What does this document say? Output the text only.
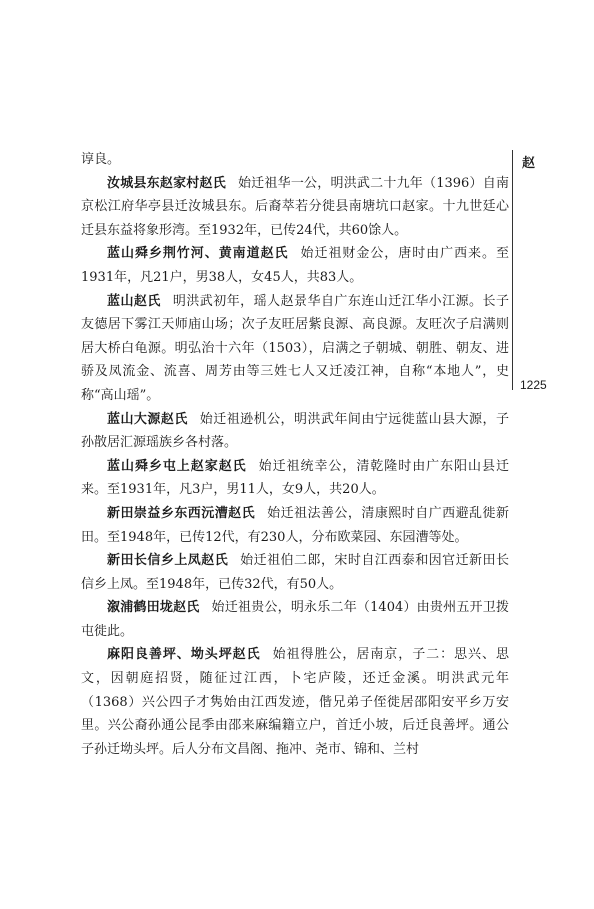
赵
1225

谆良。

汝城县东赵家村赵氏 始迁祖华一公，明洪武二十九年（1396）自南京松江府华亭县迁汝城县东。后裔萃若分徙县南塘坑口赵家。十九世廷心迁县东益将象形湾。至1932年，已传24代，共60馀人。

蓝山舜乡荆竹河、黄南道赵氏 始迁祖财金公，唐时由广西来。至1931年，凡21户，男38人，女45人，共83人。

蓝山赵氏 明洪武初年，瑶人赵景华自广东连山迁江华小江源。长子友德居下雾江天师庙山场；次子友旺居紫良源、高良源。友旺次子启满则居大桥白龟源。明弘治十六年（1503），启满之子朝城、朝胜、朝友、进骄及凤流金、流喜、周芳由等三姓七人又迁凌江神，自称“本地人”，史称“高山瑶”。

蓝山大源赵氏 始迁祖逊机公，明洪武年间由宁远徙蓝山县大源，子孙散居汇源瑶族乡各村落。

蓝山舜乡屯上赵家赵氏 始迁祖统幸公，清乾隆时由广东阳山县迁来。至1931年，凡3户，男11人，女9人，共20人。

新田崇益乡东西沅漕赵氏 始迁祖法善公，清康熙时自广西避乱徙新田。至1948年，已传12代，有230人，分布欧菜园、东园漕等处。

新田长信乡上凤赵氏 始迁祖伯二郎，宋时自江西泰和因官迁新田长信乡上凤。至1948年，已传32代，有50人。

溆浦鹤田垅赵氏 始迁祖贵公，明永乐二年（1404）由贵州五开卫拨屯徙此。

麻阳良善坪、坳头坪赵氏 始祖得胜公，居南京，子二：思兴、思文，因朝庭招贤，随征过江西，卜宅庐陵，还迁金溪。明洪武元年（1368）兴公四子才隽始由江西发迹，偕兄弟子侄徙居邵阳安平乡万安里。兴公裔孙通公昆季由邵来麻编籍立户，首迁小坡，后迁良善坪。通公子孙迁坳头坪。后人分布文昌阁、拖冲、尧市、锦和、兰村
